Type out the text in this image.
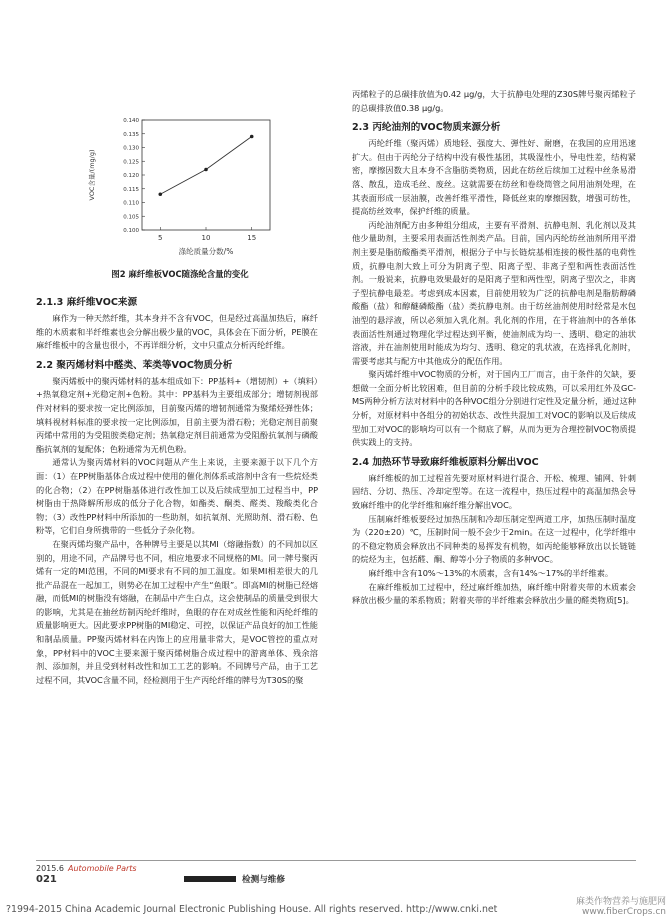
0.100
0.105
0.110
0.115
0.120
0.125
0.130
0.135
0.140
5	10	15
涤纶质量分数/%
VOC含量/(mg/g)
图2 麻纤维板VOC随涤纶含量的变化
2.1.3 麻纤维VOC来源

麻作为一种天然纤维，其本身并不含有VOC，但是经过高温加热后，麻纤维的木质素和半纤维素也会分解出极少量的VOC，具体会在下面分析，PE膜在麻纤维板中的含量也很小，不再详细分析，文中只重点分析丙纶纤维。

2.2 聚丙烯材料中醛类、苯类等VOC物质分析

聚丙烯板中的聚丙烯材料的基本组成如下：PP基料+（增韧剂）+（填料）+热氧稳定剂+光稳定剂+色粉。其中：PP基料为主要组成部分；增韧剂视部件对材料的要求按一定比例添加，目前聚丙烯的增韧剂通常为聚烯烃弹性体；填料视材料标准的要求按一定比例添加，目前主要为滑石粉；光稳定剂目前聚丙烯中常用的为受阻胺类稳定剂；热氧稳定剂目前通常为受阻酚抗氧剂与磷酸酯抗氧剂的复配体；色粉通常为无机色粉。

通常认为聚丙烯材料的VOC问题从产生上来说，主要来源于以下几个方面：（1）在PP树脂基体合成过程中使用的催化剂体系或溶剂中含有一些烷烃类的化合物；（2）在PP树脂基体进行改性加工以及后续成型加工过程当中，PP树脂由于热降解所形成的低分子化合物，如酯类、酮类、醛类、羧酸类化合物；（3）改性PP材料中所添加的一些助剂，如抗氧剂、光照助剂、滑石粉、色粉等，它们自身所携带的一些低分子杂化物。

在聚丙烯均聚产品中，各种牌号主要是以其MI（熔融指数）的不同加以区别的，用途不同，产品牌号也不同，相应地要求不同规格的MI。同一牌号聚丙烯有一定的MI范围，不同的MI要求有不同的加工温度。如果MI相差很大的几批产品混在一起加工，则势必在加工过程中产生“鱼眼”。即高MI的树脂已经熔融，而低MI的树脂没有熔融，在制品中产生白点，这会使制品的质量受到很大的影响，尤其是在抽丝纺制丙纶纤维时，鱼眼的存在对成丝性能和丙纶纤维的质量影响更大。因此要求PP树脂的MI稳定、可控，以保证产品良好的加工性能和制品质量。PP聚丙烯材料在内饰上的应用量非常大，是VOC管控的重点对象，PP材料中的VOC主要来源于聚丙烯树脂合成过程中的游离单体、残余溶剂、添加剂，并且受到材料改性和加工工艺的影响。不同牌号产品，由于工艺过程不同，其VOC含量不同，经检测用于生产丙纶纤维的牌号为T30S的聚

丙烯粒子的总碳排放值为0.42 μg/g，大于抗静电处理的Z30S牌号聚丙烯粒子的总碳排放值0.38 μg/g。

2.3 丙纶油剂的VOC物质来源分析

丙纶纤维（聚丙烯）质地轻、强度大、弹性好、耐磨，在我国的应用迅速扩大。但由于丙纶分子结构中没有极性基团，其吸湿性小，导电性差，结构紧密，摩擦因数大且本身不含脂肪类物质，因此在纺丝后续加工过程中丝条易滑落、散乱，造成毛丝、废丝。这就需要在纺丝和卷绕筒管之间用油剂处理，在其表面形成一层油膜，改善纤维平滑性，降低丝束的摩擦因数，增强可纺性，提高纺丝效率，保护纤维的质量。

丙纶油剂配方由多种组分组成，主要有平滑剂、抗静电剂、乳化剂以及其他少量助剂，主要采用表面活性剂类产品。目前，国内丙纶纺丝油剂所用平滑剂主要是脂肪酸酯类平滑剂，根据分子中与长链烷基相连接的极性基的电荷性质，抗静电剂大致上可分为阴离子型、阳离子型、非离子型和两性表面活性剂。一般说来，抗静电效果最好的是阳离子型和两性型，阴离子型次之，非离子型抗静电最差。考虑到成本因素，目前使用较为广泛的抗静电剂是脂肪醇磷酸酯（盐）和醇醚磷酸酯（盐）类抗静电剂。由于纺丝油剂使用时经常是水包油型的悬浮液，所以必须加入乳化剂。乳化剂的作用，在于将油剂中的各单体表面活性剂通过物理化学过程达到平衡，使油剂成为均一、透明、稳定的油状溶液，并在油剂使用时能成为均匀、透明、稳定的乳状液，在选择乳化剂时，需要考虑其与配方中其他成分的配伍作用。

聚丙烯纤维中VOC物质的分析，对于国内工厂而言，由于条件的欠缺，要想做一全面分析比较困难，但目前的分析手段比较成熟，可以采用红外及GC-MS两种分析方法对材料中的各种VOC组分分别进行定性及定量分析，通过这种分析，对原材料中各组分的初始状态、改性共混加工对VOC的影响以及后续成型加工对VOC的影响均可以有一个彻底了解，从而为更为合理控制VOC物质提供实践上的支持。

2.4 加热环节导致麻纤维板原料分解出VOC

麻纤维板的加工过程首先要对原材料进行混合、开松、梳理、铺网、针刺固结、分切、热压、冷却定型等。在这一流程中，热压过程中的高温加热会导致麻纤维中的化学纤维和麻纤维分解出VOC。

压制麻纤维板要经过加热压制和冷却压制定型两道工序，加热压制时温度为（220±20）℃，压制时间一般不会少于2min。在这一过程中，化学纤维中的不稳定物质会释放出不同种类的易挥发有机物，如丙纶能够释放出以长链链的烷烃为主，包括醛、酮、醇等小分子物质的多种VOC。

麻纤维中含有10%～13%的木质素，含有14%～17%的半纤维素。

在麻纤维板加工过程中，经过麻纤维加热，麻纤维中附着夹带的木质素会释放出极少量的苯系物质；附着夹带的半纤维素会释放出少量的醛类物质[5]。

2015.6 Automobile Parts
021	检测与维修
?1994-2015 China Academic Journal Electronic Publishing House. All rights reserved. http://www.cnki.net
麻类作物营养与施肥网
www.fiberCrops.cn
